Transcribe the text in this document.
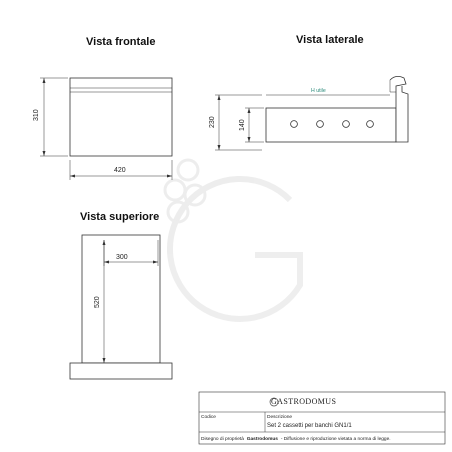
Vista frontale
420
310
Vista laterale
H utile
230	140
Vista superiore
300
520
GASTRODOMUS
Codice	Descrizione
Set 2 cassetti per banchi GN1/1
Disegno di proprietà Gastrodomus - Diffusione e riproduzione vietata a norma di legge.
